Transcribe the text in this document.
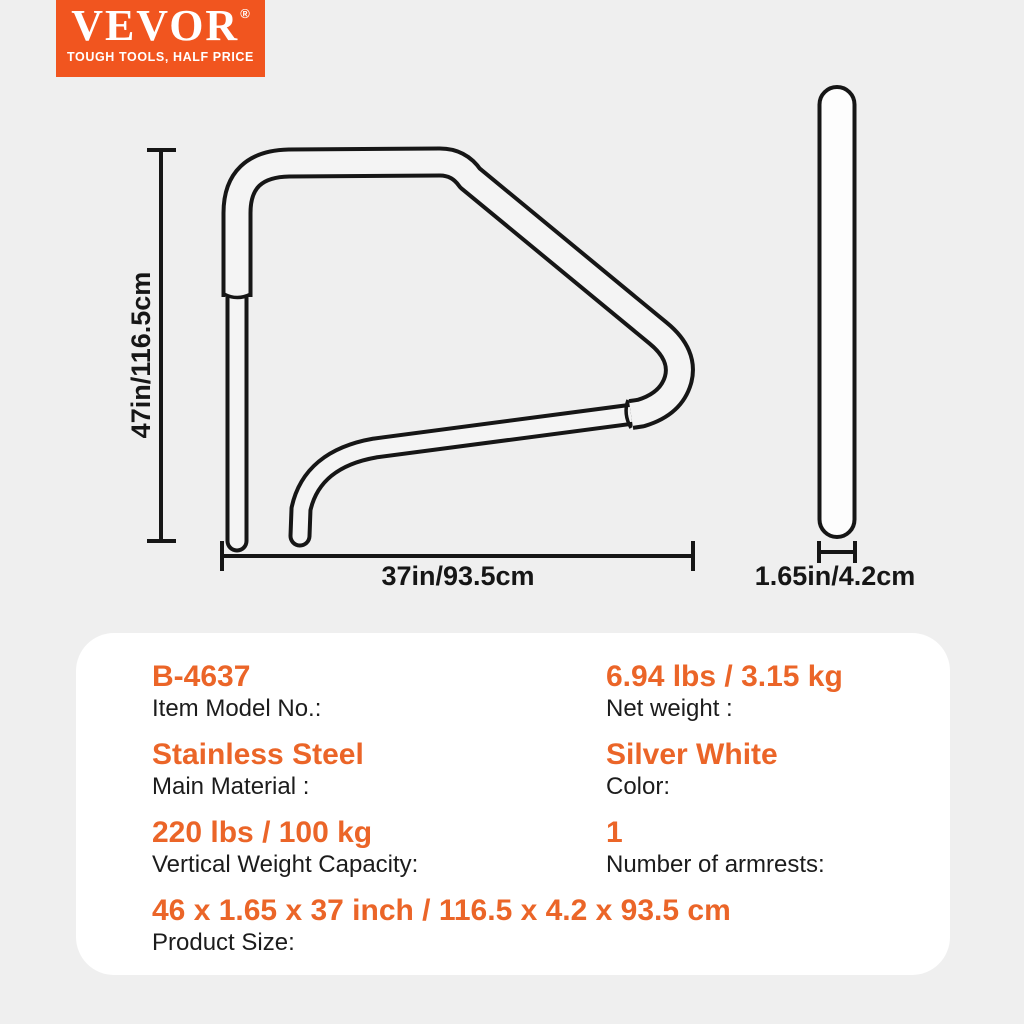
VEVOR ®
TOUGH TOOLS, HALF PRICE
47in/116.5cm
37in/93.5cm	1.65in/4.2cm
B-4637
Item Model No.:
6.94 lbs / 3.15 kg
Net weight :
Stainless Steel
Main Material :
Silver White
Color:
220 lbs / 100 kg
Vertical Weight Capacity:
1
Number of armrests:
46 x 1.65 x 37 inch / 116.5 x 4.2 x 93.5 cm
Product Size:
